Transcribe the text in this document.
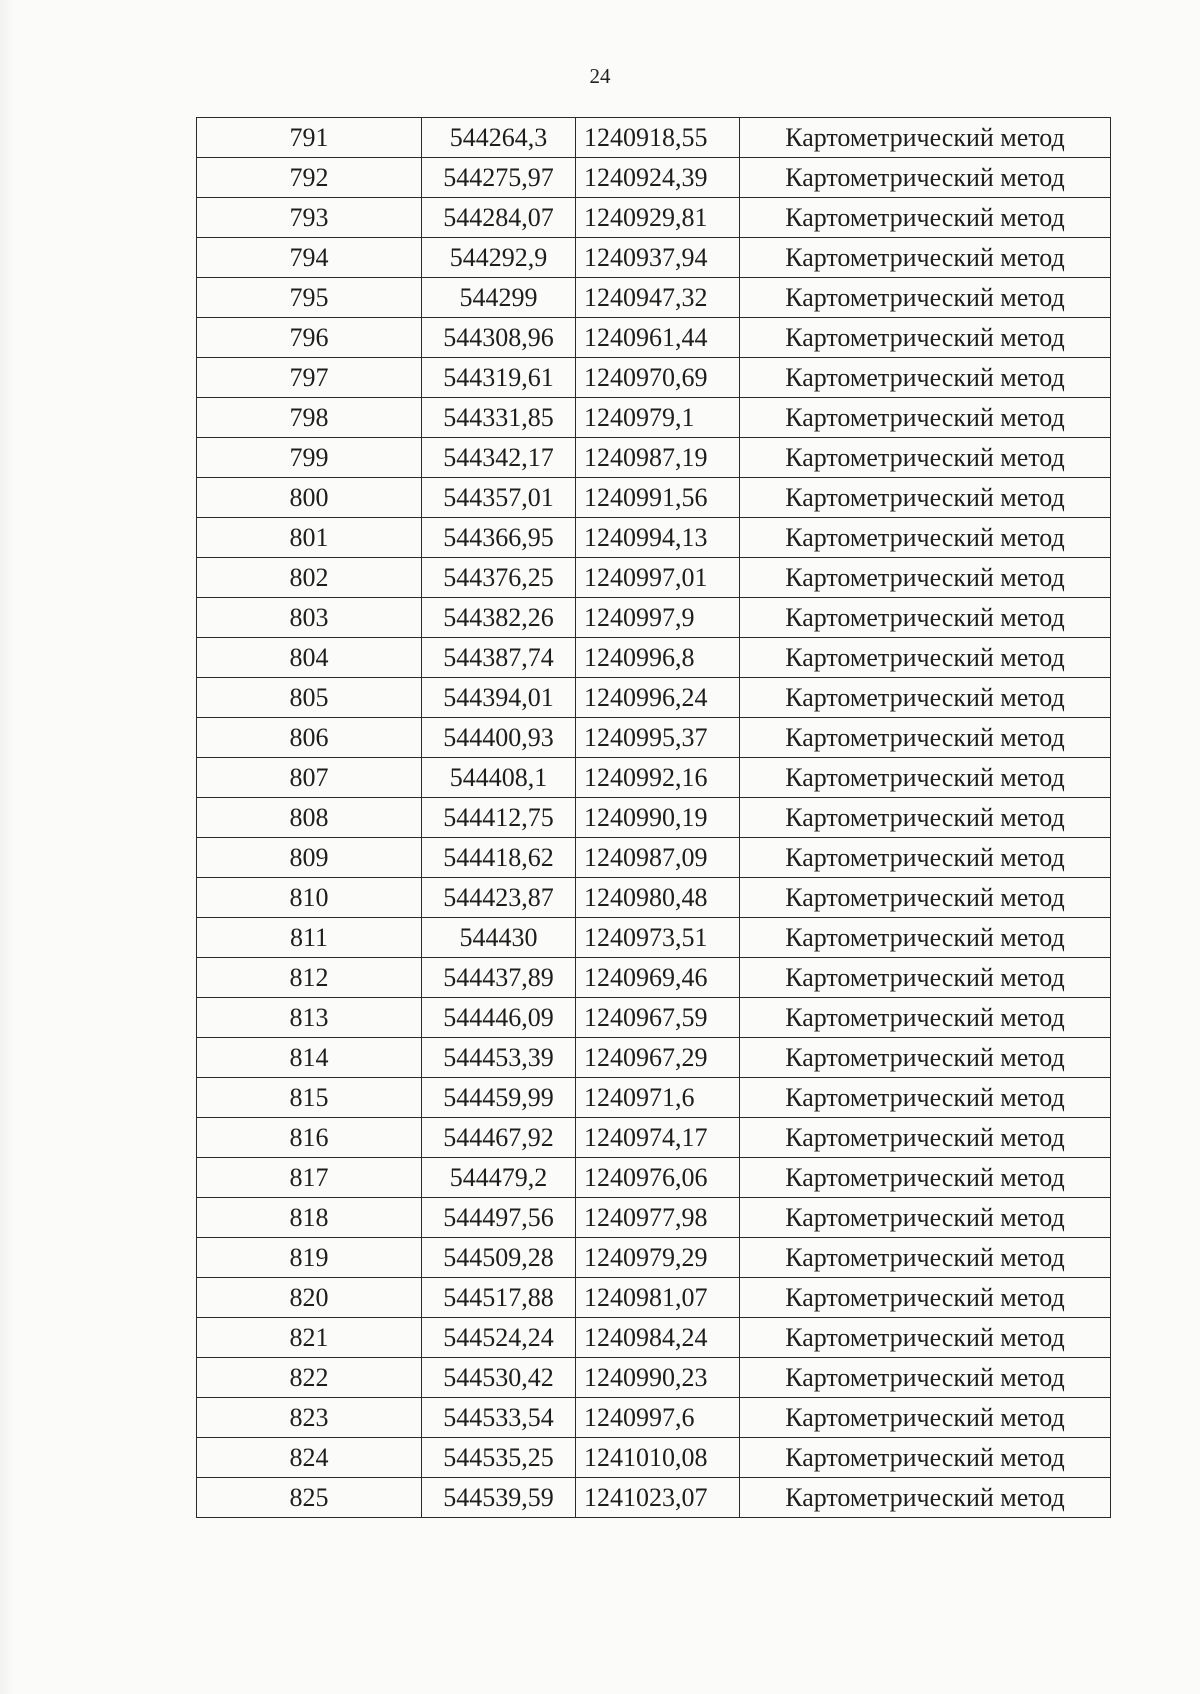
24
791	544264,3	1240918,55	Картометрический метод
792	544275,97	1240924,39	Картометрический метод
793	544284,07	1240929,81	Картометрический метод
794	544292,9	1240937,94	Картометрический метод
795	544299	1240947,32	Картометрический метод
796	544308,96	1240961,44	Картометрический метод
797	544319,61	1240970,69	Картометрический метод
798	544331,85	1240979,1	Картометрический метод
799	544342,17	1240987,19	Картометрический метод
800	544357,01	1240991,56	Картометрический метод
801	544366,95	1240994,13	Картометрический метод
802	544376,25	1240997,01	Картометрический метод
803	544382,26	1240997,9	Картометрический метод
804	544387,74	1240996,8	Картометрический метод
805	544394,01	1240996,24	Картометрический метод
806	544400,93	1240995,37	Картометрический метод
807	544408,1	1240992,16	Картометрический метод
808	544412,75	1240990,19	Картометрический метод
809	544418,62	1240987,09	Картометрический метод
810	544423,87	1240980,48	Картометрический метод
811	544430	1240973,51	Картометрический метод
812	544437,89	1240969,46	Картометрический метод
813	544446,09	1240967,59	Картометрический метод
814	544453,39	1240967,29	Картометрический метод
815	544459,99	1240971,6	Картометрический метод
816	544467,92	1240974,17	Картометрический метод
817	544479,2	1240976,06	Картометрический метод
818	544497,56	1240977,98	Картометрический метод
819	544509,28	1240979,29	Картометрический метод
820	544517,88	1240981,07	Картометрический метод
821	544524,24	1240984,24	Картометрический метод
822	544530,42	1240990,23	Картометрический метод
823	544533,54	1240997,6	Картометрический метод
824	544535,25	1241010,08	Картометрический метод
825	544539,59	1241023,07	Картометрический метод
